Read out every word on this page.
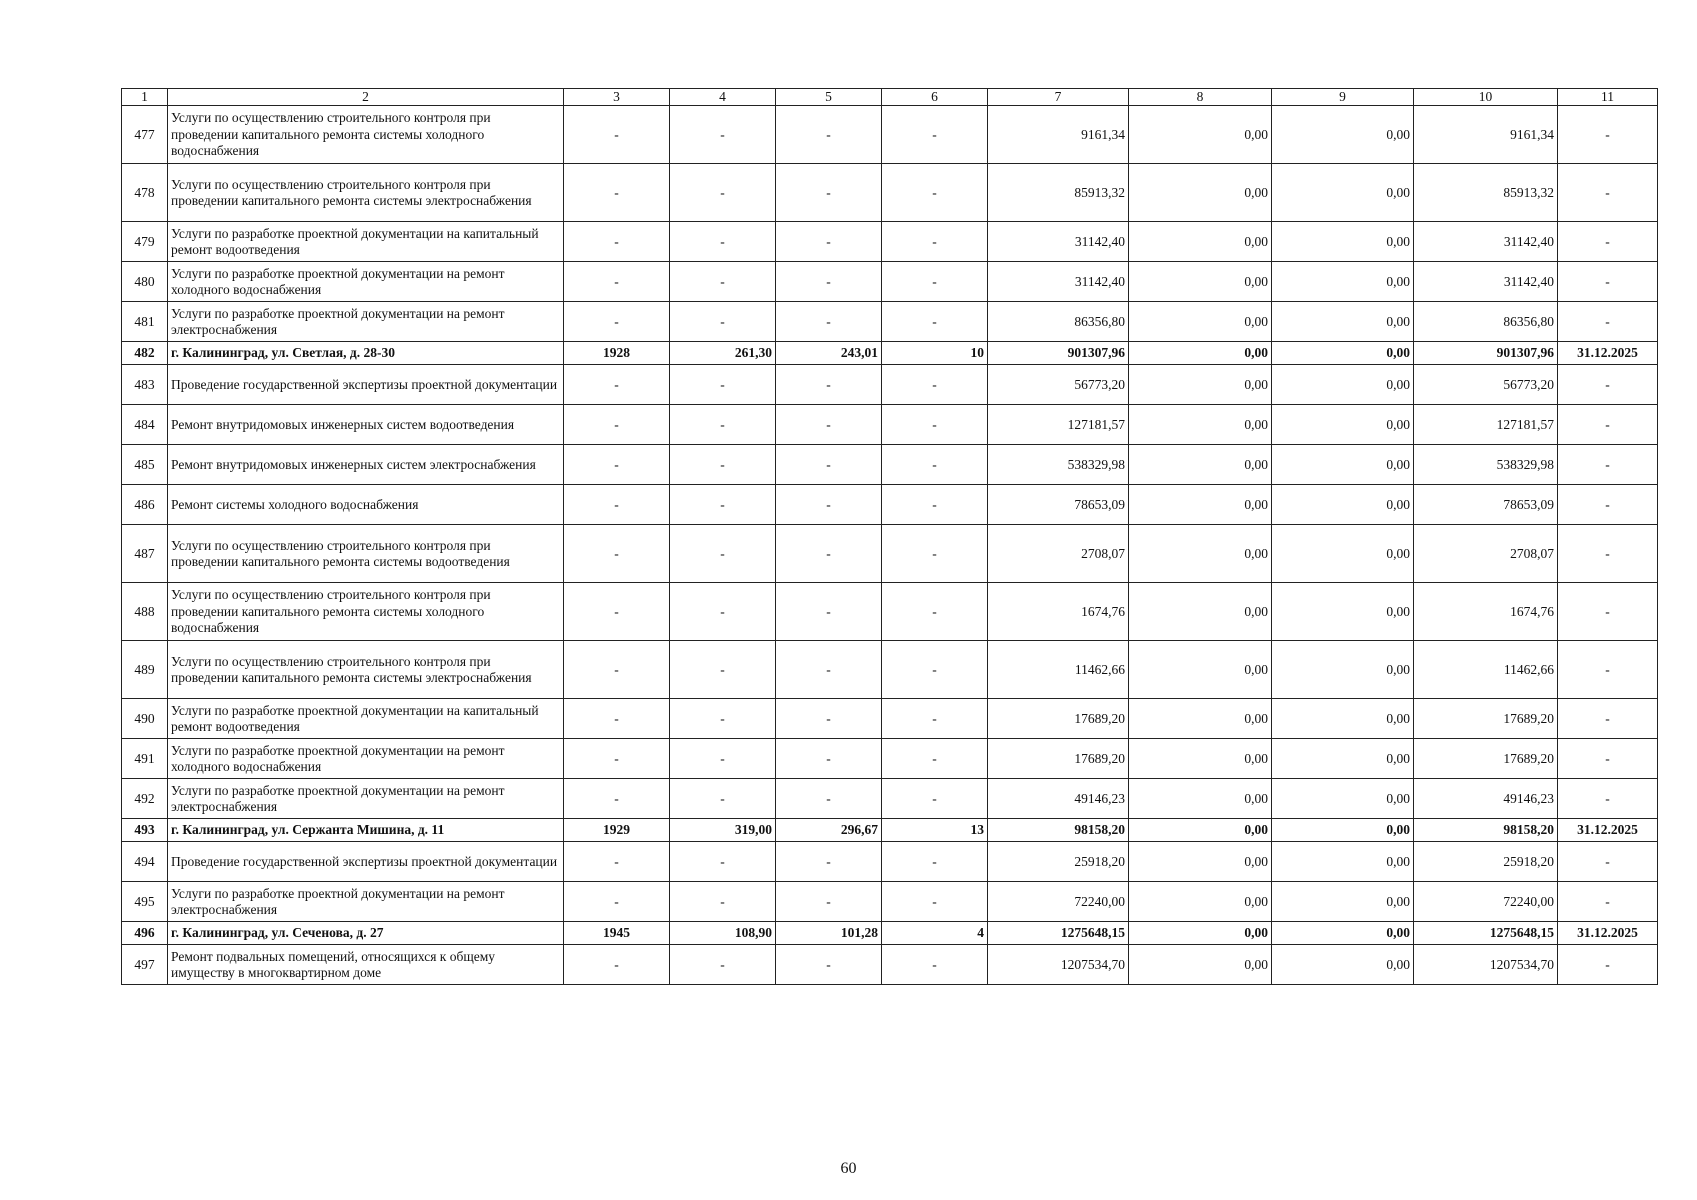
1	2	3	4	5	6	7	8	9	10	11
477	Услуги по осуществлению строительного контроля при проведении капитального ремонта системы холодного водоснабжения	-	-	-	-	9161,34	0,00	0,00	9161,34	-
478	Услуги по осуществлению строительного контроля при проведении капитального ремонта системы электроснабжения	-	-	-	-	85913,32	0,00	0,00	85913,32	-
479	Услуги по разработке проектной документации на капитальный ремонт водоотведения	-	-	-	-	31142,40	0,00	0,00	31142,40	-
480	Услуги по разработке проектной документации на ремонт холодного водоснабжения	-	-	-	-	31142,40	0,00	0,00	31142,40	-
481	Услуги по разработке проектной документации на ремонт электроснабжения	-	-	-	-	86356,80	0,00	0,00	86356,80	-
482	г. Калининград, ул. Светлая, д. 28-30	1928	261,30	243,01	10	901307,96	0,00	0,00	901307,96	31.12.2025
483	Проведение государственной экспертизы проектной документации	-	-	-	-	56773,20	0,00	0,00	56773,20	-
484	Ремонт внутридомовых инженерных систем водоотведения	-	-	-	-	127181,57	0,00	0,00	127181,57	-
485	Ремонт внутридомовых инженерных систем электроснабжения	-	-	-	-	538329,98	0,00	0,00	538329,98	-
486	Ремонт системы холодного водоснабжения	-	-	-	-	78653,09	0,00	0,00	78653,09	-
487	Услуги по осуществлению строительного контроля при проведении капитального ремонта системы водоотведения	-	-	-	-	2708,07	0,00	0,00	2708,07	-
488	Услуги по осуществлению строительного контроля при проведении капитального ремонта системы холодного водоснабжения	-	-	-	-	1674,76	0,00	0,00	1674,76	-
489	Услуги по осуществлению строительного контроля при проведении капитального ремонта системы электроснабжения	-	-	-	-	11462,66	0,00	0,00	11462,66	-
490	Услуги по разработке проектной документации на капитальный ремонт водоотведения	-	-	-	-	17689,20	0,00	0,00	17689,20	-
491	Услуги по разработке проектной документации на ремонт холодного водоснабжения	-	-	-	-	17689,20	0,00	0,00	17689,20	-
492	Услуги по разработке проектной документации на ремонт электроснабжения	-	-	-	-	49146,23	0,00	0,00	49146,23	-
493	г. Калининград, ул. Сержанта Мишина, д. 11	1929	319,00	296,67	13	98158,20	0,00	0,00	98158,20	31.12.2025
494	Проведение государственной экспертизы проектной документации	-	-	-	-	25918,20	0,00	0,00	25918,20	-
495	Услуги по разработке проектной документации на ремонт электроснабжения	-	-	-	-	72240,00	0,00	0,00	72240,00	-
496	г. Калининград, ул. Сеченова, д. 27	1945	108,90	101,28	4	1275648,15	0,00	0,00	1275648,15	31.12.2025
497	Ремонт подвальных помещений, относящихся к общему имуществу в многоквартирном доме	-	-	-	-	1207534,70	0,00	0,00	1207534,70	-
60
